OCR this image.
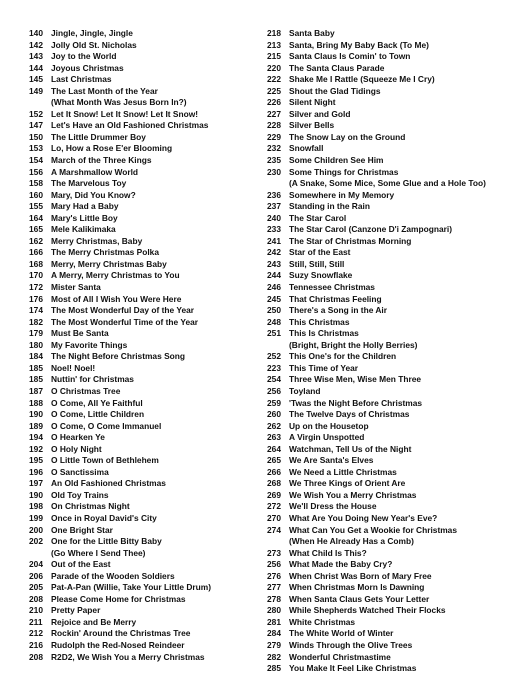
140 Jingle, Jingle, Jingle
142 Jolly Old St. Nicholas
143 Joy to the World
144 Joyous Christmas
145 Last Christmas
149 The Last Month of the Year
(What Month Was Jesus Born In?)
152 Let It Snow! Let It Snow! Let It Snow!
147 Let's Have an Old Fashioned Christmas
150 The Little Drummer Boy
153 Lo, How a Rose E'er Blooming
154 March of the Three Kings
156 A Marshmallow World
158 The Marvelous Toy
160 Mary, Did You Know?
155 Mary Had a Baby
164 Mary's Little Boy
165 Mele Kalikimaka
162 Merry Christmas, Baby
166 The Merry Christmas Polka
168 Merry, Merry Christmas Baby
170 A Merry, Merry Christmas to You
172 Mister Santa
176 Most of All I Wish You Were Here
174 The Most Wonderful Day of the Year
182 The Most Wonderful Time of the Year
179 Must Be Santa
180 My Favorite Things
184 The Night Before Christmas Song
185 Noel! Noel!
185 Nuttin' for Christmas
187 O Christmas Tree
188 O Come, All Ye Faithful
190 O Come, Little Children
189 O Come, O Come Immanuel
194 O Hearken Ye
192 O Holy Night
195 O Little Town of Bethlehem
196 O Sanctissima
197 An Old Fashioned Christmas
190 Old Toy Trains
198 On Christmas Night
199 Once in Royal David's City
200 One Bright Star
202 One for the Little Bitty Baby
(Go Where I Send Thee)
204 Out of the East
206 Parade of the Wooden Soldiers
205 Pat-A-Pan (Willie, Take Your Little Drum)
208 Please Come Home for Christmas
210 Pretty Paper
211	Rejoice and Be Merry
212 Rockin' Around the Christmas Tree
216 Rudolph the Red-Nosed Reindeer
208 R2D2, We Wish You a Merry Christmas
218 Santa Baby
213 Santa, Bring My Baby Back (To Me)
215 Santa Claus Is Comin' to Town
220 The Santa Claus Parade
222 Shake Me I Rattle (Squeeze Me I Cry)
225 Shout the Glad Tidings
226 Silent Night
227 Silver and Gold
228 Silver Bells
229 The Snow Lay on the Ground
232 Snowfall
235 Some Children See Him
230 Some Things for Christmas
(A Snake, Some Mice, Some Glue and a Hole Too)
236 Somewhere in My Memory
237 Standing in the Rain
240 The Star Carol
233 The Star Carol (Canzone D'i Zampognari)
241 The Star of Christmas Morning
242 Star of the East
243 Still, Still, Still
244 Suzy Snowflake
246 Tennessee Christmas
245 That Christmas Feeling
250 There's a Song in the Air
248 This Christmas
251 This Is Christmas
(Bright, Bright the Holly Berries)
252 This One's for the Children
223 This Time of Year
254 Three Wise Men, Wise Men Three
256 Toyland
259 'Twas the Night Before Christmas
260 The Twelve Days of Christmas
262 Up on the Housetop
263 A Virgin Unspotted
264 Watchman, Tell Us of the Night
265 We Are Santa's Elves
266 We Need a Little Christmas
268 We Three Kings of Orient Are
269 We Wish You a Merry Christmas
272 We'll Dress the House
270 What Are You Doing New Year's Eve?
274 What Can You Get a Wookie for Christmas
(When He Already Has a Comb)
273 What Child Is This?
256 What Made the Baby Cry?
276 When Christ Was Born of Mary Free
277 When Christmas Morn Is Dawning
278 When Santa Claus Gets Your Letter
280 While Shepherds Watched Their Flocks
281 White Christmas
284 The White World of Winter
279 Winds Through the Olive Trees
282 Wonderful Christmastime
285 You Make It Feel Like Christmas
